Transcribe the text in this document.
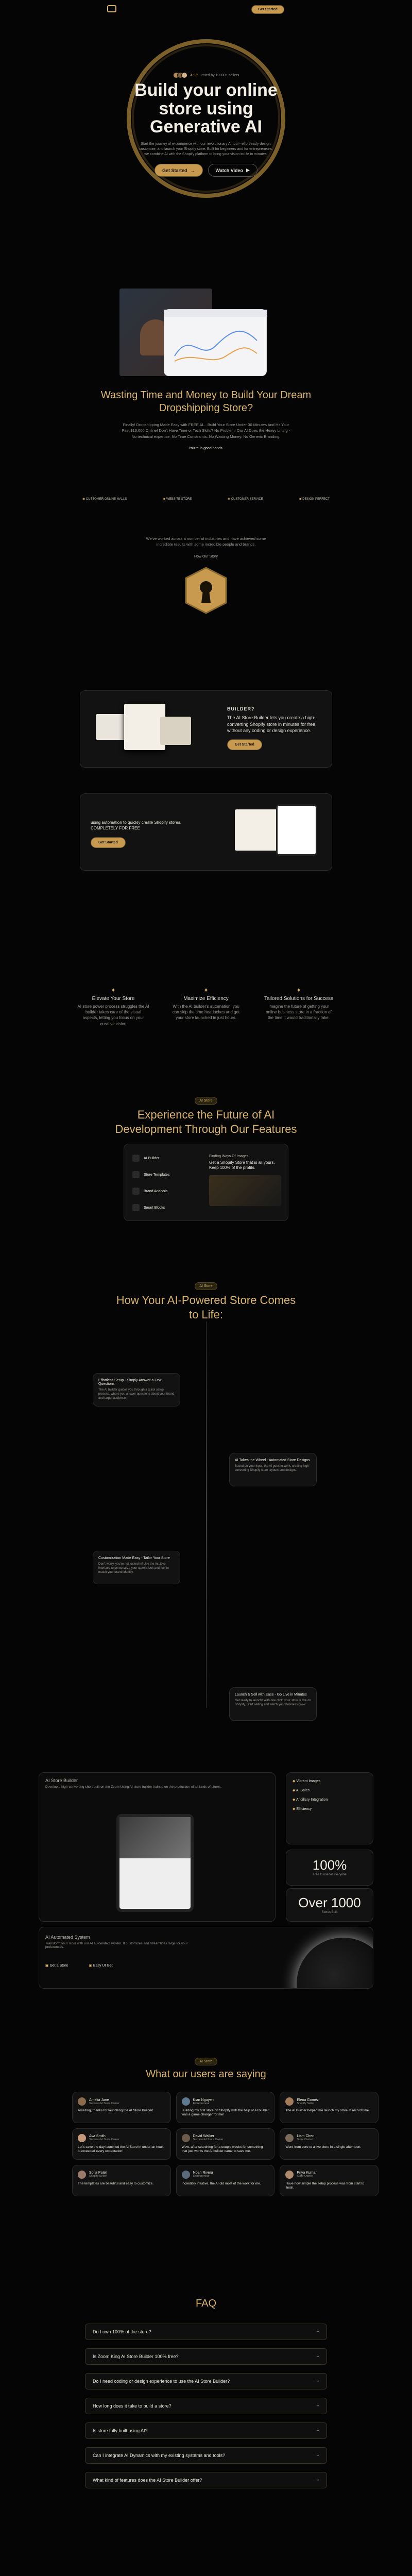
Get Started
4.9/5 rated by 10000+ sellers
Build your online
store using
Generative AI

Start the journey of e-commerce with our revolutionary AI tool - effortlessly design, customize, and launch your Shopify store. Built for beginners and for entrepreneurs, we combine AI with the Shopify platform to bring your vision to life in minutes.

Get Started →	Watch Video ▶
Wasting Time and Money to Build Your Dream
Dropshipping Store?

Finally! Dropshipping Made Easy with FREE AI... Build Your Store Under 30 Minutes And Hit Your First $10,000 Online! Don't Have Time or Tech Skills? No Problem! Our AI Does the Heavy Lifting - No technical expertise. No Time Constraints. No Wasting Money. No Generic Branding.

You're in good hands.

◉ CUSTOMER ONLINE MALLS	◉ WEBSITE STORE	◉ CUSTOMER SERVICE	◉ DESIGN PERFECT

We've worked across a number of industries and have achieved some incredible results with some incredible people and brands.

How Our Story

BUILDER?

The AI Store Builder lets you create a high-converting Shopify store in minutes for free, without any coding or design experience.

Get Started

using automation to quickly create Shopify stores. COMPLETELY FOR FREE

Get Started
✦
Elevate Your Store

AI store power process struggles the AI builder takes care of the visual aspects, letting you focus on your creative vision

✦
Maximize Efficiency

With the AI builder's automation, you can skip the time headaches and get your store launched in just hours.

✦
Tailored Solutions for Success

Imagine the future of getting your online business store in a fraction of the time it would traditionally take.

AI Store
Experience the Future of AI
Development Through Our Features
AI Builder
Store Templates
Brand Analysis
Smart Blocks
Finding Ways Of Images
Get a Shopify Store that is all yours. Keep 100% of the profits.
AI Store
How Your AI-Powered Store Comes
to Life:
Effortless Setup - Simply Answer a Few Questions

The AI builder guides you through a quick setup process, where you answer questions about your brand and target audience.

AI Takes the Wheel - Automated Store Designs

Based on your input, the AI goes to work, crafting high-converting Shopify store layouts and designs.

Customization Made Easy - Tailor Your Store

Don't worry, you're not locked in! Use the intuitive interface to personalize your store's look and feel to match your brand identity.

Launch & Sell with Ease - Go Live in Minutes

Get ready to launch! With one click, your store is live on Shopify. Start selling and watch your business grow.

AI Store Builder

Develop a high-converting short built on the Zoom Using AI store builder trained on the production of all kinds of stores.

◆ Vibrant Images
◆ AI Sales
◆ Ancillary Integration
◆ Efficiency
100%
Free to use for everyone
Over 1000
Stores Built
AI Automated System

Transform your store with our AI automated system. It customizes and streamlines large for your preferences.

▣ Get a Store	▣ Easy UI Get
AI Store
What our users are saying
Amelia Jane
Successful Store Owner

Amazing, thanks for launching the AI Store Builder!

Kian Nguyen
Entrepreneur

Building my first store on Shopify with the help of AI builder was a game changer for me!

Elena Gomez
Shopify Seller

The AI Builder helped me launch my store in record time.

Ava Smith
Successful Store Owner

Let's save the day launched the AI Store in under an hour. It exceeded every expectation!

David Walker
Successful Store Owner

Wow, after searching for a couple weeks for something that just works the AI builder came to save me.

Liam Chen
Store Owner

Went from zero to a live store in a single afternoon.

Sofia Patel
Shopify Seller

The templates are beautiful and easy to customize.

Noah Rivera
Entrepreneur

Incredibly intuitive, the AI did most of the work for me.

Priya Kumar
Store Owner

I love how simple the setup process was from start to finish.

FAQ
Do I own 100% of the store?	+
Is Zoom King AI Store Builder 100% free?	+
Do I need coding or design experience to use the AI Store Builder?	+
How long does it take to build a store?	+
Is store fully built using AI?	+
Can I integrate AI Dynamics with my existing systems and tools?	+
What kind of features does the AI Store Builder offer?	+
